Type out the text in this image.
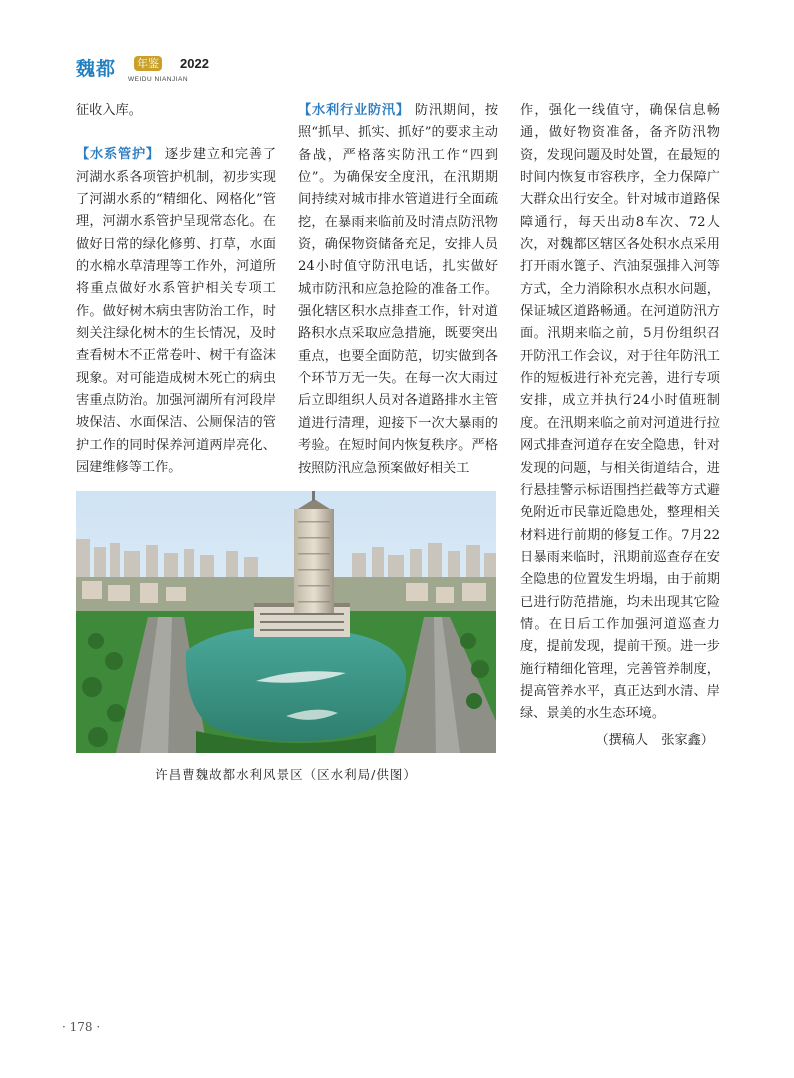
魏都 年鉴 2022
WEIDU NIANJIAN

征收入库。

【水系管护】 逐步建立和完善了河湖水系各项管护机制，初步实现了河湖水系的“精细化、网格化”管理，河湖水系管护呈现常态化。在做好日常的绿化修剪、打草，水面的水棉水草清理等工作外，河道所将重点做好水系管护相关专项工作。做好树木病虫害防治工作，时刻关注绿化树木的生长情况，及时查看树木不正常卷叶、树干有盗沫现象。对可能造成树木死亡的病虫害重点防治。加强河湖所有河段岸坡保洁、水面保洁、公厕保洁的管护工作的同时保养河道两岸亮化、园建维修等工作。

【水利行业防汛】 防汛期间，按照“抓早、抓实、抓好”的要求主动备战，严格落实防汛工作“四到位”。为确保安全度汛，在汛期期间持续对城市排水管道进行全面疏挖，在暴雨来临前及时清点防汛物资，确保物资储备充足，安排人员24小时值守防汛电话，扎实做好城市防汛和应急抢险的准备工作。强化辖区积水点排查工作，针对道路积水点采取应急措施，既要突出重点，也要全面防范，切实做到各个环节万无一失。在每一次大雨过后立即组织人员对各道路排水主管道进行清理，迎接下一次大暴雨的考验。在短时间内恢复秩序。严格按照防汛应急预案做好相关工

作，强化一线值守，确保信息畅通，做好物资准备，备齐防汛物资，发现问题及时处置，在最短的时间内恢复市容秩序，全力保障广大群众出行安全。针对城市道路保障通行，每天出动8车次、72人次，对魏都区辖区各处积水点采用打开雨水篦子、汽油泵强排入河等方式，全力消除积水点积水问题，保证城区道路畅通。在河道防汛方面。汛期来临之前，5月份组织召开防汛工作会议，对于往年防汛工作的短板进行补充完善，进行专项安排，成立并执行24小时值班制度。在汛期来临之前对河道进行拉网式排查河道存在安全隐患，针对发现的问题，与相关街道结合，进行悬挂警示标语围挡拦截等方式避免附近市民靠近隐患处，整理相关材料进行前期的修复工作。7月22日暴雨来临时，汛期前巡查存在安全隐患的位置发生坍塌，由于前期已进行防范措施，均未出现其它险情。在日后工作加强河道巡查力度，提前发现，提前干预。进一步施行精细化管理，完善管养制度，提高管养水平，真正达到水清、岸绿、景美的水生态环境。

（撰稿人　张家鑫）

许昌曹魏故都水利风景区（区水利局/供图）
· 178 ·
